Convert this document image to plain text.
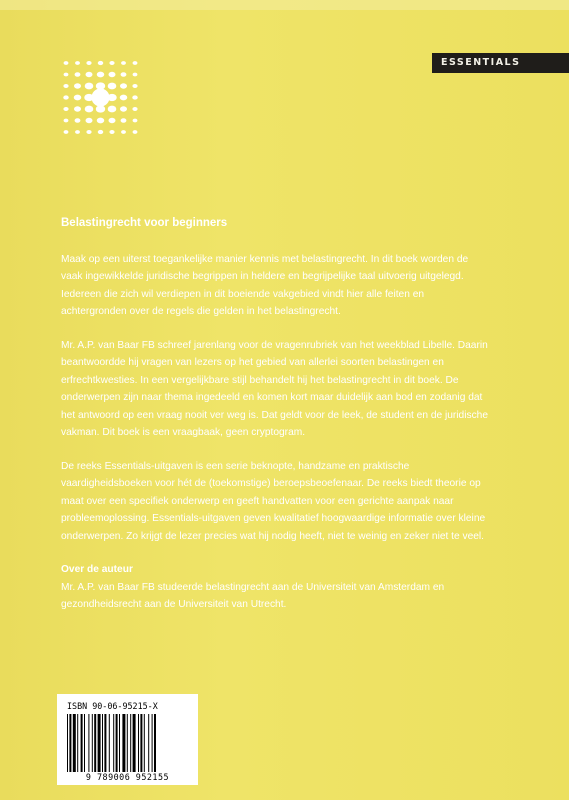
ESSENTIALS

Belastingrecht voor beginners

Maak op een uiterst toegankelijke manier kennis met belastingrecht. In dit boek worden de vaak ingewikkelde juridische begrippen in heldere en begrijpelijke taal uitvoerig uitgelegd. Iedereen die zich wil verdiepen in dit boeiende vakgebied vindt hier alle feiten en achtergronden over de regels die gelden in het belastingrecht.

Mr. A.P. van Baar FB schreef jarenlang voor de vragenrubriek van het weekblad Libelle. Daarin beantwoordde hij vragen van lezers op het gebied van allerlei soorten belastingen en erfrechtkwesties. In een vergelijkbare stijl behandelt hij het belastingrecht in dit boek. De onderwerpen zijn naar thema ingedeeld en komen kort maar duidelijk aan bod en zodanig dat het antwoord op een vraag nooit ver weg is. Dat geldt voor de leek, de student en de juridische vakman. Dit boek is een vraagbaak, geen cryptogram.

De reeks Essentials-uitgaven is een serie beknopte, handzame en praktische vaardigheidsboeken voor hét de (toekomstige) beroepsbeoefenaar. De reeks biedt theorie op maat over een specifiek onderwerp en geeft handvatten voor een gerichte aanpak naar probleemoplossing. Essentials-uitgaven geven kwalitatief hoogwaardige informatie over kleine onderwerpen. Zo krijgt de lezer precies wat hij nodig heeft, niet te weinig en zeker niet te veel.

Over de auteur

Mr. A.P. van Baar FB studeerde belastingrecht aan de Universiteit van Amsterdam en gezondheidsrecht aan de Universiteit van Utrecht.

ISBN 90-06-95215-X
9 789006 952155
